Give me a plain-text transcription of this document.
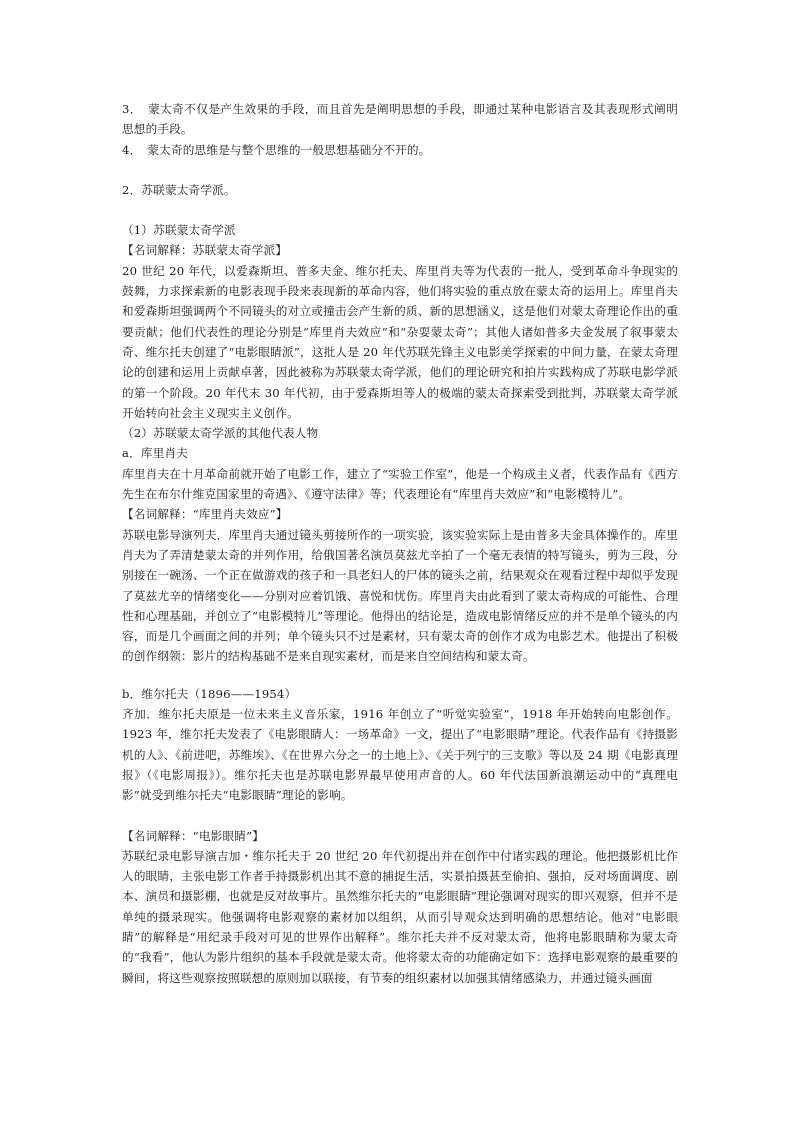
3．　蒙太奇不仅是产生效果的手段，而且首先是阐明思想的手段，即通过某种电影语言及其表现形式阐明思想的手段。

4．　蒙太奇的思维是与整个思维的一般思想基础分不开的。

2．苏联蒙太奇学派。

（1）苏联蒙太奇学派

【名词解释：苏联蒙太奇学派】

20 世纪 20 年代，以爱森斯坦、普多夫金、维尔托夫、库里肖夫等为代表的一批人，受到革命斗争现实的鼓舞，力求探索新的电影表现手段来表现新的革命内容，他们将实验的重点放在蒙太奇的运用上。库里肖夫和爱森斯坦强调两个不同镜头的对立或撞击会产生新的质、新的思想涵义，这是他们对蒙太奇理论作出的重要贡献；他们代表性的理论分别是“库里肖夫效应”和“杂耍蒙太奇”；其他人诸如普多夫金发展了叙事蒙太奇、维尔托夫创建了“电影眼睛派”，这批人是 20 年代苏联先锋主义电影美学探索的中间力量，在蒙太奇理论的创建和运用上贡献卓著，因此被称为苏联蒙太奇学派，他们的理论研究和拍片实践构成了苏联电影学派的第一个阶段。20 年代末 30 年代初，由于爱森斯坦等人的极端的蒙太奇探索受到批判，苏联蒙太奇学派开始转向社会主义现实主义创作。

（2）苏联蒙太奇学派的其他代表人物

a．库里肖夫

库里肖夫在十月革命前就开始了电影工作，建立了“实验工作室”，他是一个构成主义者，代表作品有《西方先生在布尔什维克国家里的奇遇》、《遵守法律》等；代表理论有“库里肖夫效应”和“电影模特儿”。

【名词解释：“库里肖夫效应”】

苏联电影导演列夫．库里肖夫通过镜头剪接所作的一项实验，该实验实际上是由普多夫金具体操作的。库里肖夫为了弄清楚蒙太奇的并列作用，给俄国著名演员莫兹尤辛拍了一个毫无表情的特写镜头，剪为三段，分别接在一碗汤、一个正在做游戏的孩子和一具老妇人的尸体的镜头之前，结果观众在观看过程中却似乎发现了莫兹尤辛的情绪变化——分别对应着饥饿、喜悦和忧伤。库里肖夫由此看到了蒙太奇构成的可能性、合理性和心理基础，并创立了“电影模特儿”等理论。他得出的结论是，造成电影情绪反应的并不是单个镜头的内容，而是几个画面之间的并列；单个镜头只不过是素材，只有蒙太奇的创作才成为电影艺术。他提出了积极的创作纲领：影片的结构基础不是来自现实素材，而是来自空间结构和蒙太奇。

b．维尔托夫（1896——1954）

齐加．维尔托夫原是一位未来主义音乐家，1916 年创立了“听觉实验室”，1918 年开始转向电影创作。1923 年，维尔托夫发表了《电影眼睛人：一场革命》一文，提出了“电影眼睛”理论。代表作品有《持摄影机的人》、《前进吧，苏维埃》、《在世界六分之一的土地上》、《关于列宁的三支歌》等以及 24 期《电影真理报》（《电影周报》）。维尔托夫也是苏联电影界最早使用声音的人。60 年代法国新浪潮运动中的“真理电影”就受到维尔托夫“电影眼睛”理论的影响。

【名词解释：“电影眼睛”】

苏联纪录电影导演吉加・维尔托夫于 20 世纪 20 年代初提出并在创作中付诸实践的理论。他把摄影机比作人的眼睛，主张电影工作者手持摄影机出其不意的捕捉生活，实景拍摄甚至偷拍、强拍，反对场面调度、剧本、演员和摄影棚，也就是反对故事片。虽然维尔托夫的“电影眼睛”理论强调对现实的即兴观察，但并不是单纯的摄录现实。他强调将电影观察的素材加以组织，从而引导观众达到明确的思想结论。他对“电影眼睛”的解释是“用纪录手段对可见的世界作出解释”。维尔托夫并不反对蒙太奇，他将电影眼睛称为蒙太奇的“我看”，他认为影片组织的基本手段就是蒙太奇。他将蒙太奇的功能确定如下：选择电影观察的最重要的瞬间，将这些观察按照联想的原则加以联接，有节奏的组织素材以加强其情绪感染力，并通过镜头画面
